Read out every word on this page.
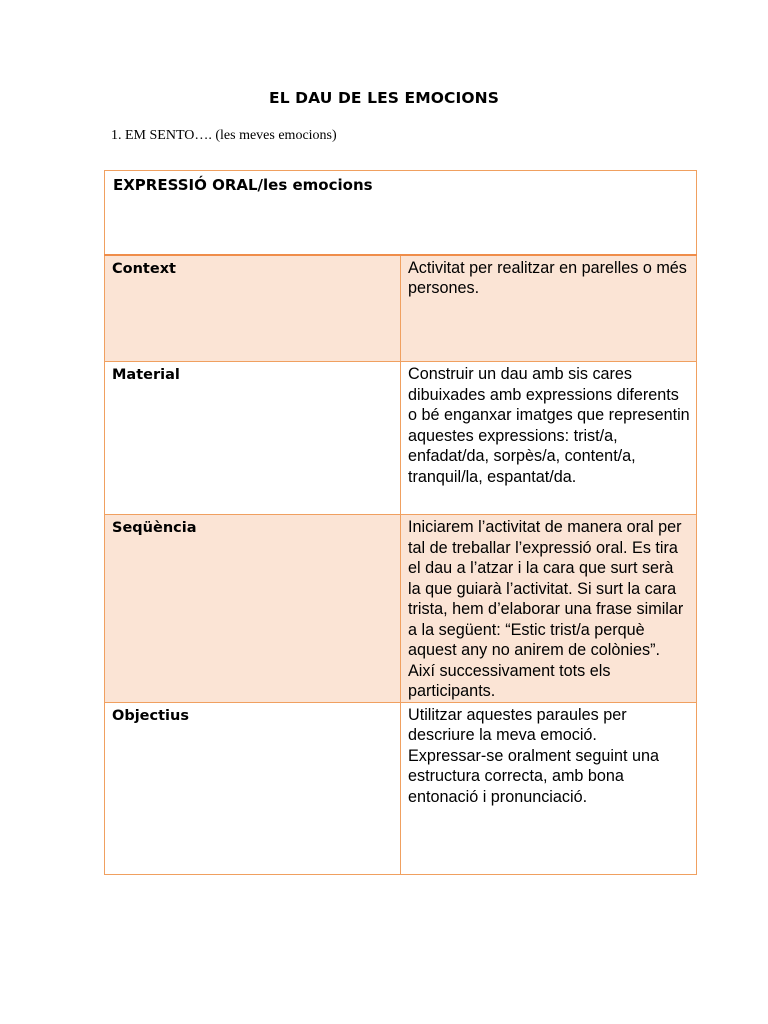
EL DAU DE LES EMOCIONS
1. EM SENTO…. (les meves emocions)
EXPRESSIÓ ORAL/les emocions	
Context	Activitat per realitzar en parelles o més persones.

Material	Construir un dau amb sis cares dibuixades amb expressions diferents o bé enganxar imatges que representin aquestes expressions: trist/a, enfadat/da, sorpès/a, content/a, tranquil/la, espantat/da.

Seqüència	Iniciarem l’activitat de manera oral per tal de treballar l’expressió oral. Es tira el dau a l’atzar i la cara que surt serà la que guiarà l’activitat. Si surt la cara trista, hem d’elaborar una frase similar a la següent: “Estic trist/a perquè aquest any no anirem de colònies”. Així successivament tots els participants.

Objectius	Utilitzar aquestes paraules per descriure la meva emoció.
Expressar-se oralment seguint una estructura correcta, amb bona entonació i pronunciació.
